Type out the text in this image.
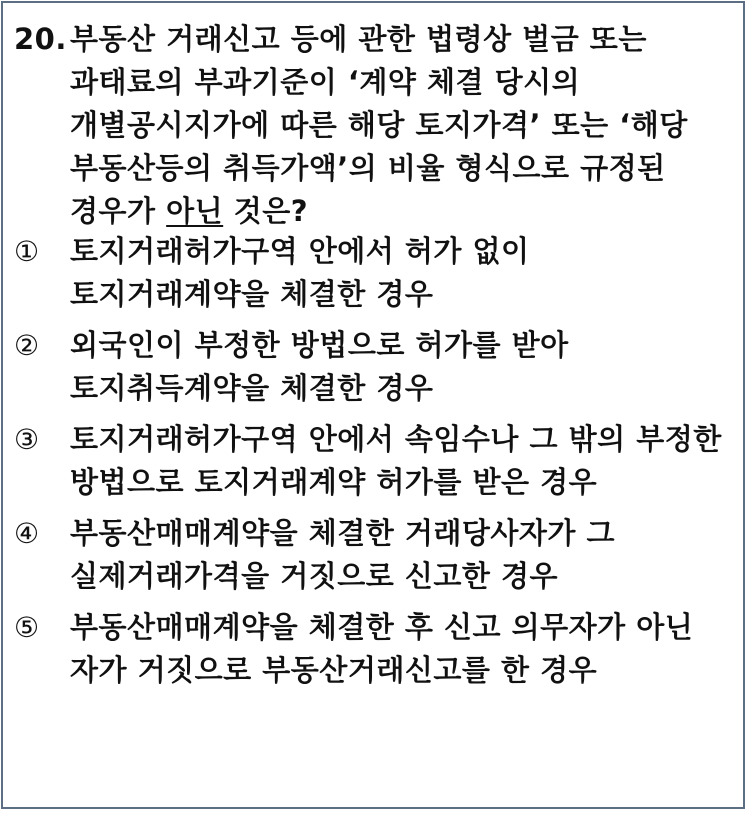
20. 부동산 거래신고 등에 관한 법령상 벌금 또는 과태료의 부과기준이 ‘계약 체결 당시의 개별공시지가에 따른 해당 토지가격’ 또는 ‘해당 부동산등의 취득가액’의 비율 형식으로 규정된 경우가 아닌 것은?
①	토지거래허가구역 안에서 허가 없이 토지거래계약을 체결한 경우
②	외국인이 부정한 방법으로 허가를 받아 토지취득계약을 체결한 경우
③	토지거래허가구역 안에서 속임수나 그 밖의 부정한 방법으로 토지거래계약 허가를 받은 경우
④	부동산매매계약을 체결한 거래당사자가 그 실제거래가격을 거짓으로 신고한 경우
⑤	부동산매매계약을 체결한 후 신고 의무자가 아닌 자가 거짓으로 부동산거래신고를 한 경우
